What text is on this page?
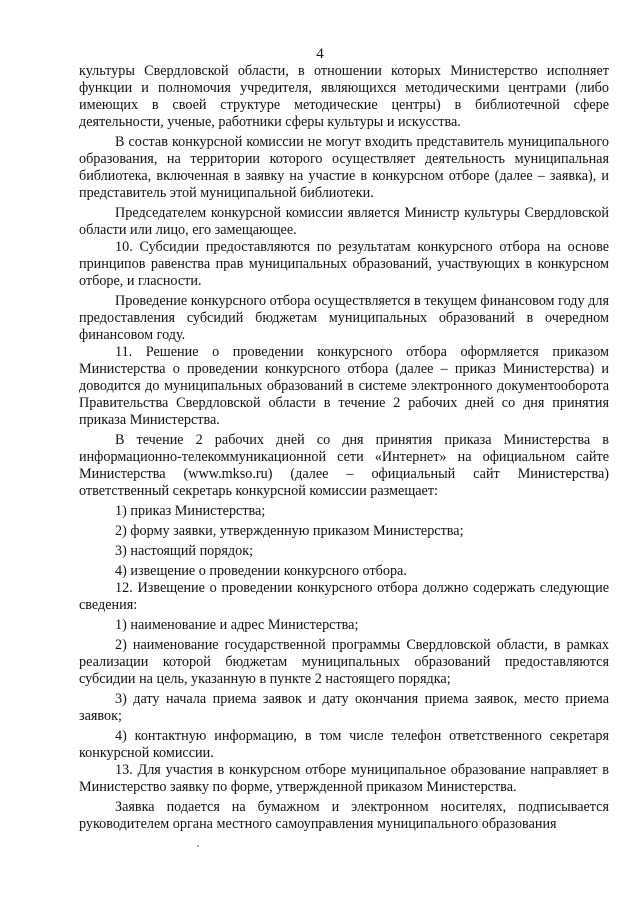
4

культуры Свердловской области, в отношении которых Министерство исполняет функции и полномочия учредителя, являющихся методическими центрами (либо имеющих в своей структуре методические центры) в библиотечной сфере деятельности, ученые, работники сферы культуры и искусства.

В состав конкурсной комиссии не могут входить представитель муниципального образования, на территории которого осуществляет деятельность муниципальная библиотека, включенная в заявку на участие в конкурсном отборе (далее – заявка), и представитель этой муниципальной библиотеки.

Председателем конкурсной комиссии является Министр культуры Свердловской области или лицо, его замещающее.

10. Субсидии предоставляются по результатам конкурсного отбора на основе принципов равенства прав муниципальных образований, участвующих в конкурсном отборе, и гласности.

Проведение конкурсного отбора осуществляется в текущем финансовом году для предоставления субсидий бюджетам муниципальных образований в очередном финансовом году.

11. Решение о проведении конкурсного отбора оформляется приказом Министерства о проведении конкурсного отбора (далее – приказ Министерства) и доводится до муниципальных образований в системе электронного документооборота Правительства Свердловской области в течение 2 рабочих дней со дня принятия приказа Министерства.

В течение 2 рабочих дней со дня принятия приказа Министерства в информационно-телекоммуникационной сети «Интернет» на официальном сайте Министерства (www.mkso.ru) (далее – официальный сайт Министерства) ответственный секретарь конкурсной комиссии размещает:

1) приказ Министерства;

2) форму заявки, утвержденную приказом Министерства;

3) настоящий порядок;

4) извещение о проведении конкурсного отбора.

12. Извещение о проведении конкурсного отбора должно содержать следующие сведения:

1) наименование и адрес Министерства;

2) наименование государственной программы Свердловской области, в рамках реализации которой бюджетам муниципальных образований предоставляются субсидии на цель, указанную в пункте 2 настоящего порядка;

3) дату начала приема заявок и дату окончания приема заявок, место приема заявок;

4) контактную информацию, в том числе телефон ответственного секретаря конкурсной комиссии.

13. Для участия в конкурсном отборе муниципальное образование направляет в Министерство заявку по форме, утвержденной приказом Министерства.

Заявка подается на бумажном и электронном носителях, подписывается руководителем органа местного самоуправления муниципального образования
